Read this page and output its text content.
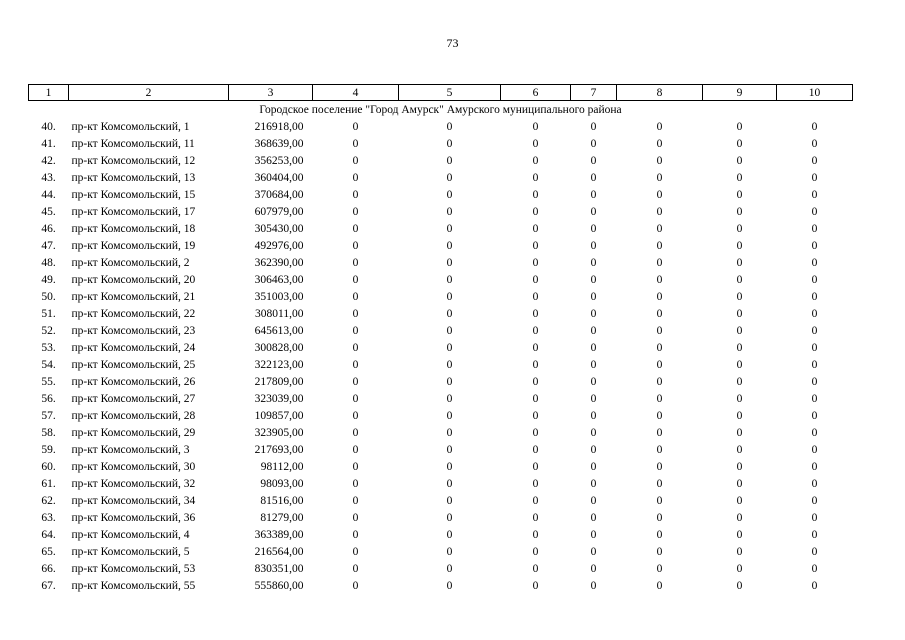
73
1	2	3	4	5	6	7	8	9	10
Городское поселение "Город Амурск" Амурского муниципального района									
40.	пр-кт Комсомольский, 1	216918,00	0	0	0	0	0	0	0
41.	пр-кт Комсомольский, 11	368639,00	0	0	0	0	0	0	0
42.	пр-кт Комсомольский, 12	356253,00	0	0	0	0	0	0	0
43.	пр-кт Комсомольский, 13	360404,00	0	0	0	0	0	0	0
44.	пр-кт Комсомольский, 15	370684,00	0	0	0	0	0	0	0
45.	пр-кт Комсомольский, 17	607979,00	0	0	0	0	0	0	0
46.	пр-кт Комсомольский, 18	305430,00	0	0	0	0	0	0	0
47.	пр-кт Комсомольский, 19	492976,00	0	0	0	0	0	0	0
48.	пр-кт Комсомольский, 2	362390,00	0	0	0	0	0	0	0
49.	пр-кт Комсомольский, 20	306463,00	0	0	0	0	0	0	0
50.	пр-кт Комсомольский, 21	351003,00	0	0	0	0	0	0	0
51.	пр-кт Комсомольский, 22	308011,00	0	0	0	0	0	0	0
52.	пр-кт Комсомольский, 23	645613,00	0	0	0	0	0	0	0
53.	пр-кт Комсомольский, 24	300828,00	0	0	0	0	0	0	0
54.	пр-кт Комсомольский, 25	322123,00	0	0	0	0	0	0	0
55.	пр-кт Комсомольский, 26	217809,00	0	0	0	0	0	0	0
56.	пр-кт Комсомольский, 27	323039,00	0	0	0	0	0	0	0
57.	пр-кт Комсомольский, 28	109857,00	0	0	0	0	0	0	0
58.	пр-кт Комсомольский, 29	323905,00	0	0	0	0	0	0	0
59.	пр-кт Комсомольский, 3	217693,00	0	0	0	0	0	0	0
60.	пр-кт Комсомольский, 30	98112,00	0	0	0	0	0	0	0
61.	пр-кт Комсомольский, 32	98093,00	0	0	0	0	0	0	0
62.	пр-кт Комсомольский, 34	81516,00	0	0	0	0	0	0	0
63.	пр-кт Комсомольский, 36	81279,00	0	0	0	0	0	0	0
64.	пр-кт Комсомольский, 4	363389,00	0	0	0	0	0	0	0
65.	пр-кт Комсомольский, 5	216564,00	0	0	0	0	0	0	0
66.	пр-кт Комсомольский, 53	830351,00	0	0	0	0	0	0	0
67.	пр-кт Комсомольский, 55	555860,00	0	0	0	0	0	0	0
